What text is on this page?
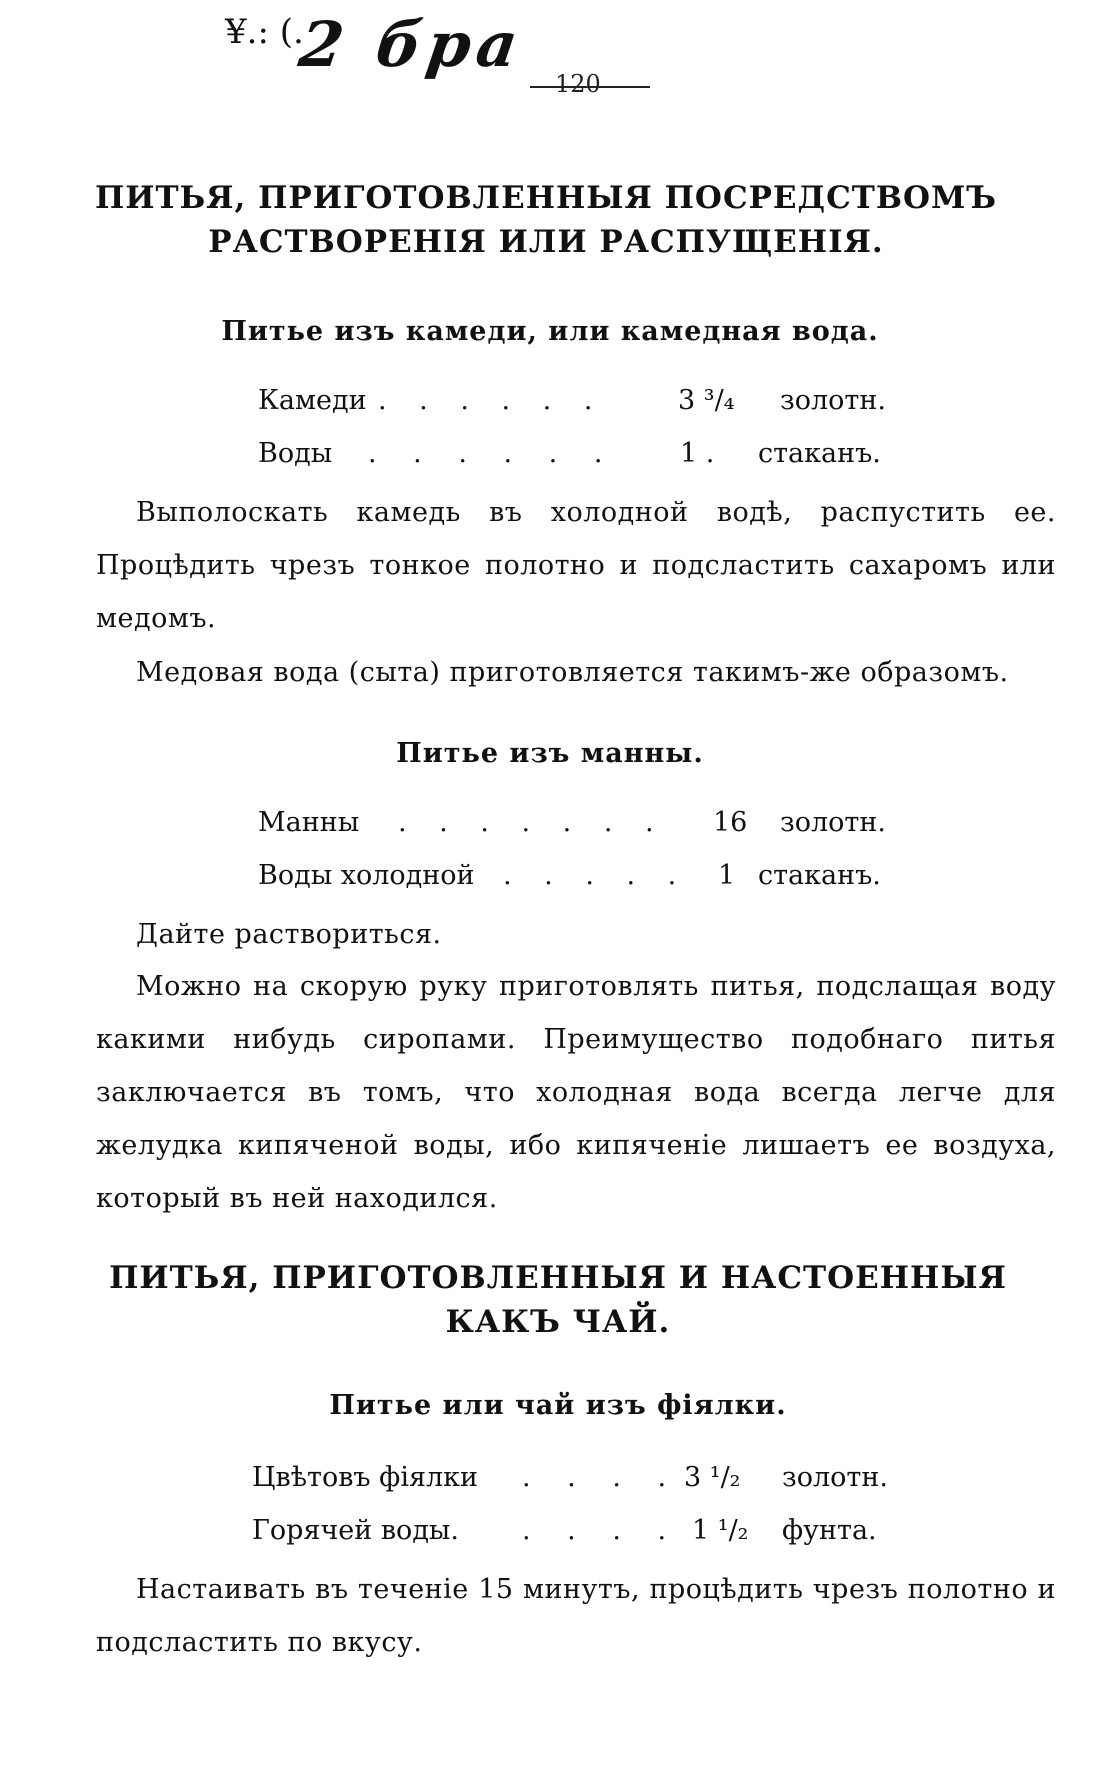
¥.: (.
2 бра
120
ПИТЬЯ, ПРИГОТОВЛЕННЫЯ ПОСРЕДСТВОМЪ
РАСТВОРЕНІЯ ИЛИ РАСПУЩЕНІЯ.
Питье изъ камеди, или камедная вода.
Камеди . . . . . .	3 ³/₄ золотн.
Воды . . . . . . 1 . стаканъ.
Выполоскать камедь въ холодной водѣ, распустить ее. Процѣдить чрезъ тонкое полотно и подсластить сахаромъ или медомъ.
Медовая вода (сыта) приготовляется такимъ-же образомъ.
Питье изъ манны.
Манны . . . . . . . 16 золотн.
Воды холодной . . . . . 1 стаканъ.
Дайте раствориться.
Можно на скорую руку приготовлять питья, подслащая воду какими нибудь сиропами. Преимущество подобнаго питья заключается въ томъ, что холодная вода всегда легче для желудка кипяченой воды, ибо кипяченіе лишаетъ ее воздуха, который въ ней находился.
ПИТЬЯ, ПРИГОТОВЛЕННЫЯ И НАСТОЕННЫЯ
КАКЪ ЧАЙ.
Питье или чай изъ фіялки.
Цвѣтовъ фіялки . . . . 3 ¹/₂ золотн.
Горячей воды. . . . . 1 ¹/₂ фунта.
Настаивать въ теченіе 15 минутъ, процѣдить чрезъ полотно и подсластить по вкусу.
